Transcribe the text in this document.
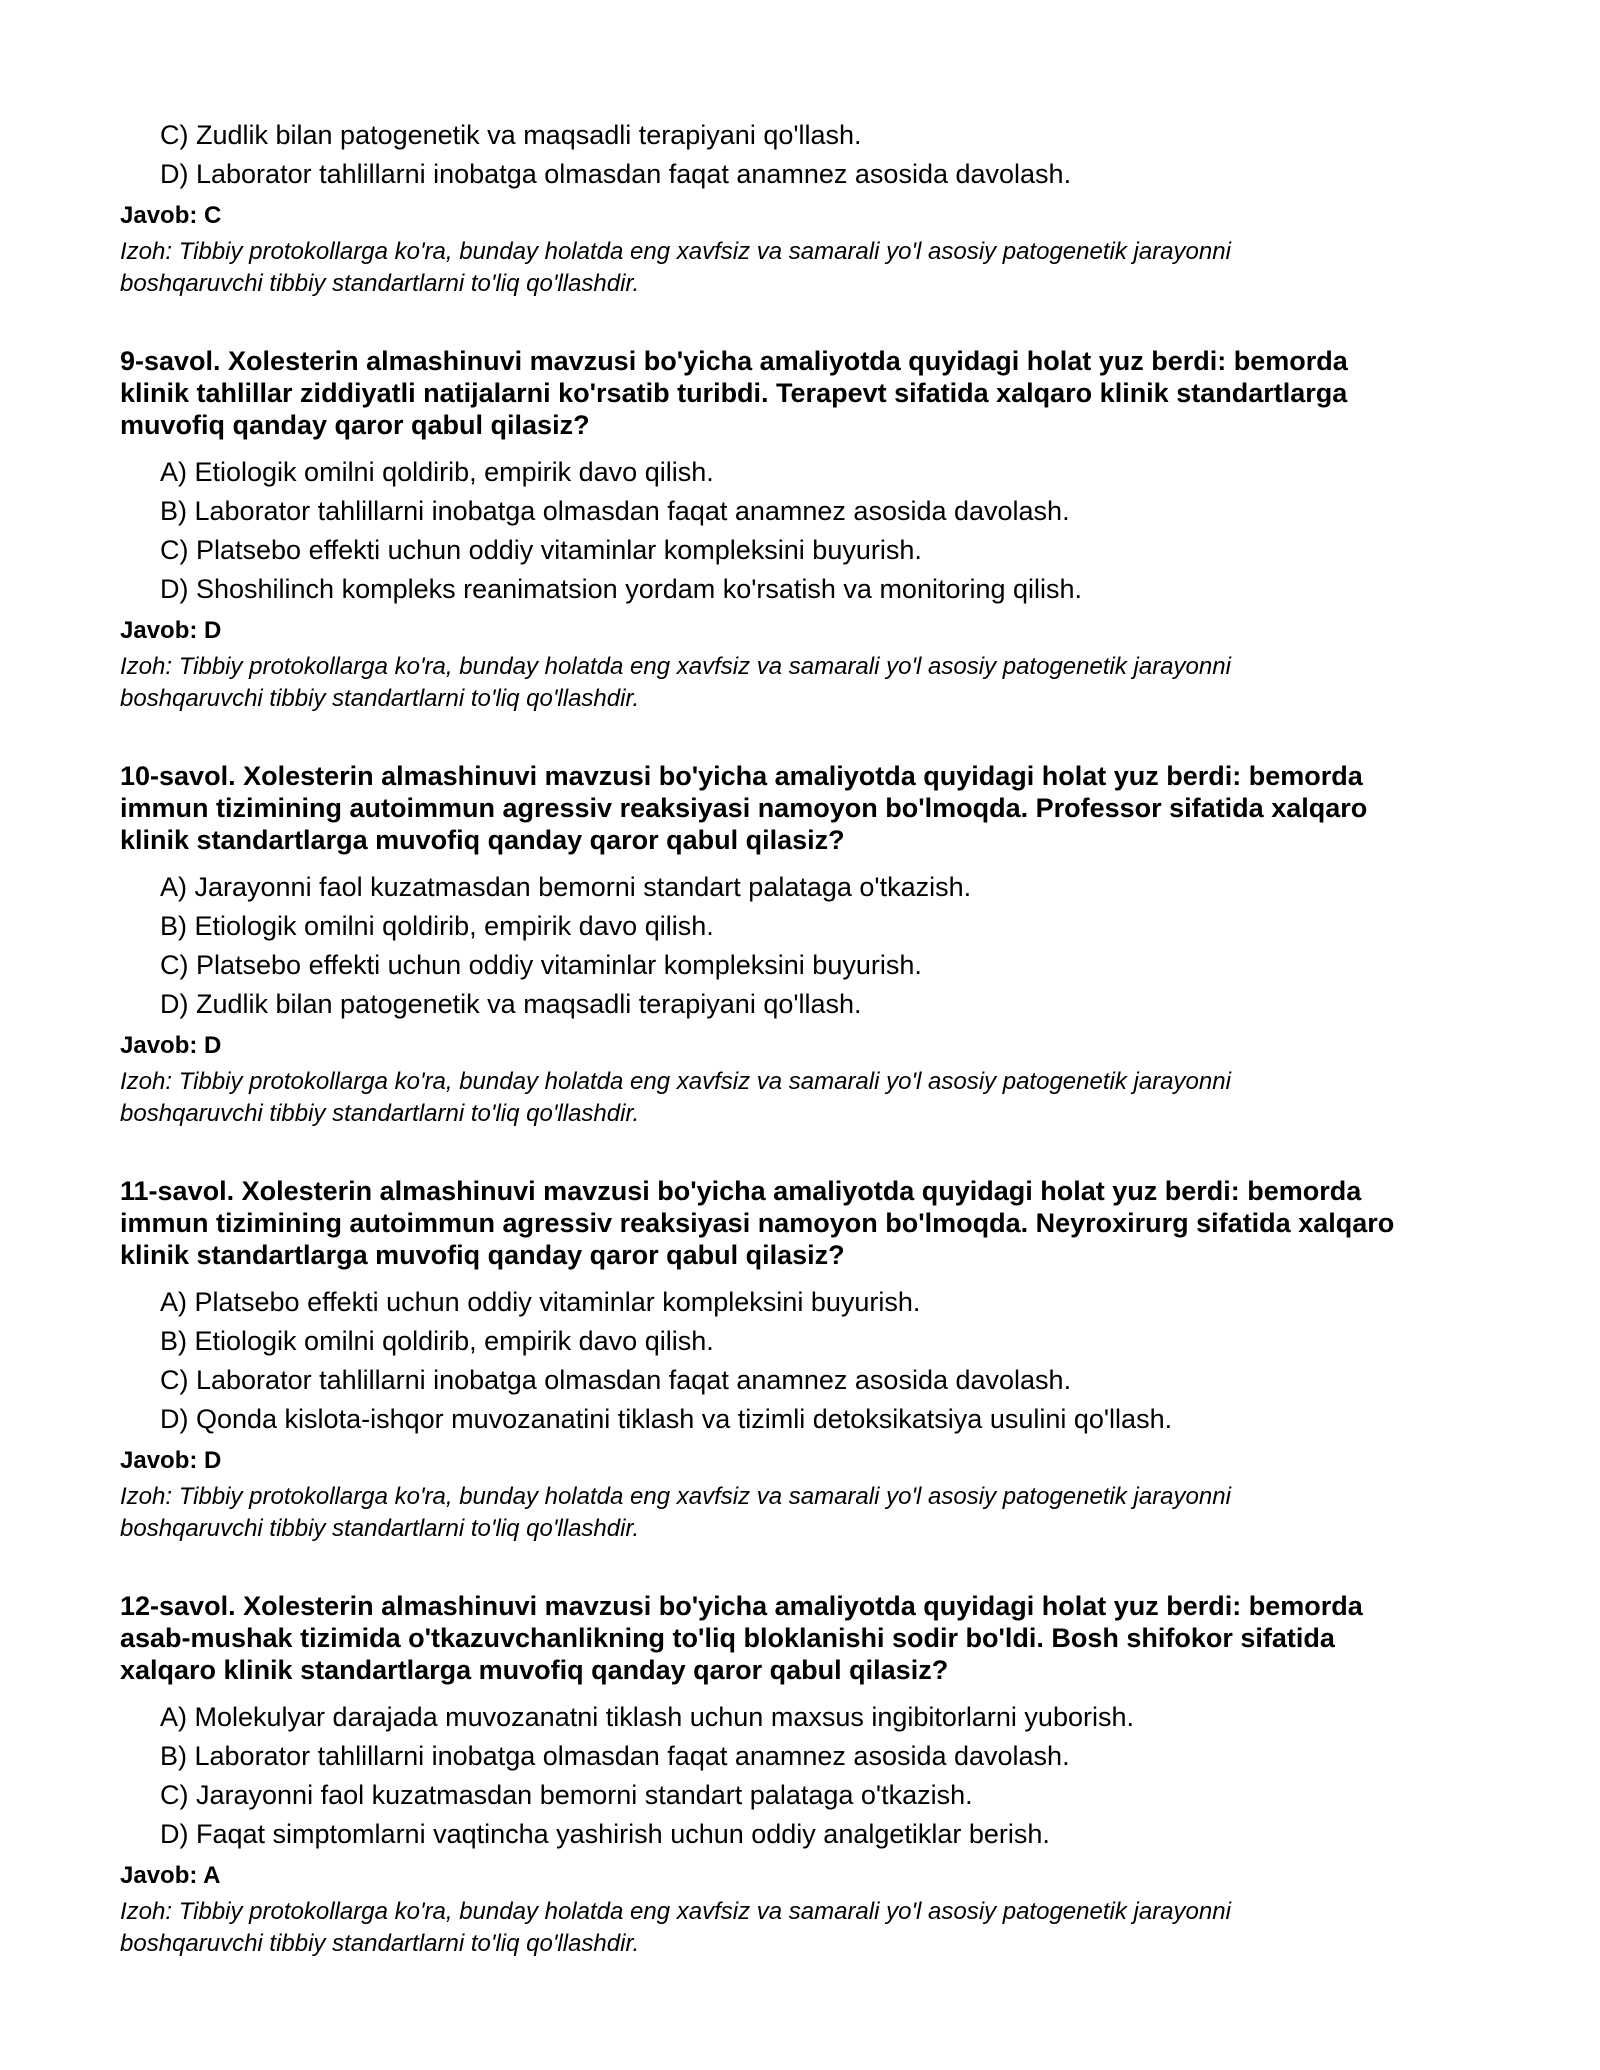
C) Zudlik bilan patogenetik va maqsadli terapiyani qo'llash.
D) Laborator tahlillarni inobatga olmasdan faqat anamnez asosida davolash.
Javob: C
Izoh: Tibbiy protokollarga ko'ra, bunday holatda eng xavfsiz va samarali yo'l asosiy patogenetik jarayonni
boshqaruvchi tibbiy standartlarni to'liq qo'llashdir.
9-savol. Xolesterin almashinuvi mavzusi bo'yicha amaliyotda quyidagi holat yuz berdi: bemorda
klinik tahlillar ziddiyatli natijalarni ko'rsatib turibdi. Terapevt sifatida xalqaro klinik standartlarga
muvofiq qanday qaror qabul qilasiz?
A) Etiologik omilni qoldirib, empirik davo qilish.
B) Laborator tahlillarni inobatga olmasdan faqat anamnez asosida davolash.
C) Platsebo effekti uchun oddiy vitaminlar kompleksini buyurish.
D) Shoshilinch kompleks reanimatsion yordam ko'rsatish va monitoring qilish.
Javob: D
Izoh: Tibbiy protokollarga ko'ra, bunday holatda eng xavfsiz va samarali yo'l asosiy patogenetik jarayonni
boshqaruvchi tibbiy standartlarni to'liq qo'llashdir.
10-savol. Xolesterin almashinuvi mavzusi bo'yicha amaliyotda quyidagi holat yuz berdi: bemorda
immun tizimining autoimmun agressiv reaksiyasi namoyon bo'lmoqda. Professor sifatida xalqaro
klinik standartlarga muvofiq qanday qaror qabul qilasiz?
A) Jarayonni faol kuzatmasdan bemorni standart palataga o'tkazish.
B) Etiologik omilni qoldirib, empirik davo qilish.
C) Platsebo effekti uchun oddiy vitaminlar kompleksini buyurish.
D) Zudlik bilan patogenetik va maqsadli terapiyani qo'llash.
Javob: D
Izoh: Tibbiy protokollarga ko'ra, bunday holatda eng xavfsiz va samarali yo'l asosiy patogenetik jarayonni
boshqaruvchi tibbiy standartlarni to'liq qo'llashdir.
11-savol. Xolesterin almashinuvi mavzusi bo'yicha amaliyotda quyidagi holat yuz berdi: bemorda
immun tizimining autoimmun agressiv reaksiyasi namoyon bo'lmoqda. Neyroxirurg sifatida xalqaro
klinik standartlarga muvofiq qanday qaror qabul qilasiz?
A) Platsebo effekti uchun oddiy vitaminlar kompleksini buyurish.
B) Etiologik omilni qoldirib, empirik davo qilish.
C) Laborator tahlillarni inobatga olmasdan faqat anamnez asosida davolash.
D) Qonda kislota-ishqor muvozanatini tiklash va tizimli detoksikatsiya usulini qo'llash.
Javob: D
Izoh: Tibbiy protokollarga ko'ra, bunday holatda eng xavfsiz va samarali yo'l asosiy patogenetik jarayonni
boshqaruvchi tibbiy standartlarni to'liq qo'llashdir.
12-savol. Xolesterin almashinuvi mavzusi bo'yicha amaliyotda quyidagi holat yuz berdi: bemorda
asab-mushak tizimida o'tkazuvchanlikning to'liq bloklanishi sodir bo'ldi. Bosh shifokor sifatida
xalqaro klinik standartlarga muvofiq qanday qaror qabul qilasiz?
A) Molekulyar darajada muvozanatni tiklash uchun maxsus ingibitorlarni yuborish.
B) Laborator tahlillarni inobatga olmasdan faqat anamnez asosida davolash.
C) Jarayonni faol kuzatmasdan bemorni standart palataga o'tkazish.
D) Faqat simptomlarni vaqtincha yashirish uchun oddiy analgetiklar berish.
Javob: A
Izoh: Tibbiy protokollarga ko'ra, bunday holatda eng xavfsiz va samarali yo'l asosiy patogenetik jarayonni
boshqaruvchi tibbiy standartlarni to'liq qo'llashdir.
